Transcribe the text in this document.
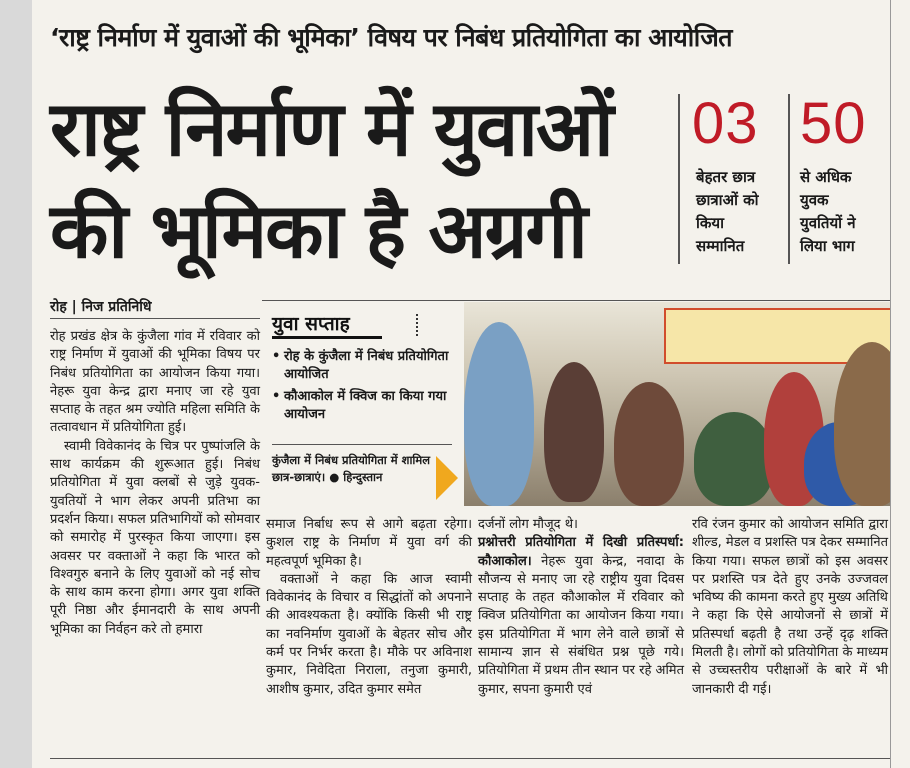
‘राष्ट्र निर्माण में युवाओं की भूमिका’ विषय पर निबंध प्रतियोगिता का आयोजित
राष्ट्र निर्माण में युवाओं
की भूमिका है अग्रगी
03
बेहतर छात्र
छात्राओं को
किया
सम्मानित
50
से अधिक
युवक
युवतियों ने
लिया भाग
रोह | निज प्रतिनिधि

रोह प्रखंड क्षेत्र के कुंजैला गांव में रविवार को राष्ट्र निर्माण में युवाओं की भूमिका विषय पर निबंध प्रतियोगिता का आयोजन किया गया। नेहरू युवा केन्द्र द्वारा मनाए जा रहे युवा सप्ताह के तहत श्रम ज्योति महिला समिति के तत्वावधान में प्रतियोगिता हुई।

स्वामी विवेकानंद के चित्र पर पुष्पांजलि के साथ कार्यक्रम की शुरूआत हुई। निबंध प्रतियोगिता में युवा क्लबों से जुड़े युवक-युवतियों ने भाग लेकर अपनी प्रतिभा का प्रदर्शन किया। सफल प्रतिभागियों को सोमवार को समारोह में पुरस्कृत किया जाएगा। इस अवसर पर वक्ताओं ने कहा कि भारत को विश्वगुरु बनाने के लिए युवाओं को नई सोच के साथ काम करना होगा। अगर युवा शक्ति पूरी निष्ठा और ईमानदारी के साथ अपनी भूमिका का निर्वहन करे तो हमारा

युवा सप्ताह
• रोह के कुंजैला में निबंध प्रतियोगिता आयोजित
• कौआकोल में क्विज का किया गया आयोजन
कुंजैला में निबंध प्रतियोगिता में शामिल छात्र-छात्राएं। ● हिन्दुस्तान

समाज निर्बाध रूप से आगे बढ़ता रहेगा। कुशल राष्ट्र के निर्माण में युवा वर्ग की महत्वपूर्ण भूमिका है।

वक्ताओं ने कहा कि आज स्वामी विवेकानंद के विचार व सिद्धांतों को अपनाने की आवश्यकता है। क्योंकि किसी भी राष्ट्र का नवनिर्माण युवाओं के बेहतर सोच और कर्म पर निर्भर करता है। मौके पर अविनाश कुमार, निवेदिता निराला, तनुजा कुमारी, आशीष कुमार, उदित कुमार समेत

दर्जनों लोग मौजूद थे।

प्रश्नोत्तरी प्रतियोगिता में दिखी प्रतिस्पर्धा: कौआकोल। नेहरू युवा केन्द्र, नवादा के सौजन्य से मनाए जा रहे राष्ट्रीय युवा दिवस सप्ताह के तहत कौआकोल में रविवार को क्विज प्रतियोगिता का आयोजन किया गया। इस प्रतियोगिता में भाग लेने वाले छात्रों से सामान्य ज्ञान से संबंधित प्रश्न पूछे गये। प्रतियोगिता में प्रथम तीन स्थान पर रहे अमित कुमार, सपना कुमारी एवं

रवि रंजन कुमार को आयोजन समिति द्वारा शील्ड, मेडल व प्रशस्ति पत्र देकर सम्मानित किया गया। सफल छात्रों को इस अवसर पर प्रशस्ति पत्र देते हुए उनके उज्जवल भविष्य की कामना करते हुए मुख्य अतिथि ने कहा कि ऐसे आयोजनों से छात्रों में प्रतिस्पर्धा बढ़ती है तथा उन्हें दृढ़ शक्ति मिलती है। लोगों को प्रतियोगिता के माध्यम से उच्चस्तरीय परीक्षाओं के बारे में भी जानकारी दी गई।
